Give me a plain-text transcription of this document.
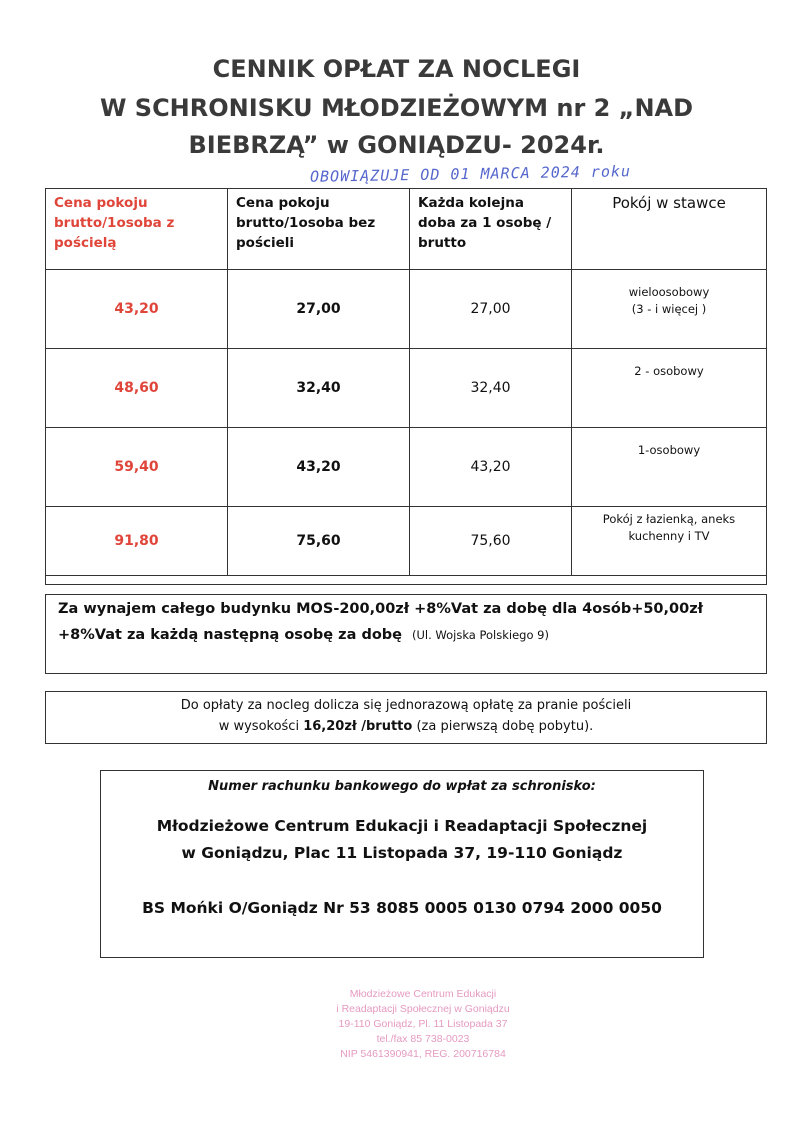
CENNIK OPŁAT ZA NOCLEGI
W SCHRONISKU MŁODZIEŻOWYM nr 2 „NAD
BIEBRZĄ” w GONIĄDZU- 2024r.
OBOWIĄZUJE OD 01 MARCA 2024 roku
Cena pokoju brutto/1osoba z pościelą	Cena pokoju brutto/1osoba bez pościeli	Każda kolejna doba za 1 osobę / brutto	Pokój w stawce
43,20	27,00	27,00	wieloosobowy
(3 - i więcej )
48,60	32,40	32,40	2 - osobowy
59,40	43,20	43,20	1-osobowy
91,80	75,60	75,60	Pokój z łazienką, aneks
kuchenny i TV

Za wynajem całego budynku MOS-200,00zł +8%Vat za dobę dla 4osób+50,00zł
+8%Vat za każdą następną osobę za dobę (Ul. Wojska Polskiego 9)
Do opłaty za nocleg dolicza się jednorazową opłatę za pranie pościeli
w wysokości 16,20zł /brutto (za pierwszą dobę pobytu).
Numer rachunku bankowego do wpłat za schronisko:
Młodzieżowe Centrum Edukacji i Readaptacji Społecznej
w Goniądzu, Plac 11 Listopada 37, 19-110 Goniądz
BS Mońki O/Goniądz Nr 53 8085 0005 0130 0794 2000 0050
Młodzieżowe Centrum Edukacji
i Readaptacji Społecznej w Goniądzu
19-110 Goniądz, Pl. 11 Listopada 37
tel./fax 85 738-0023
NIP 5461390941, REG. 200716784
